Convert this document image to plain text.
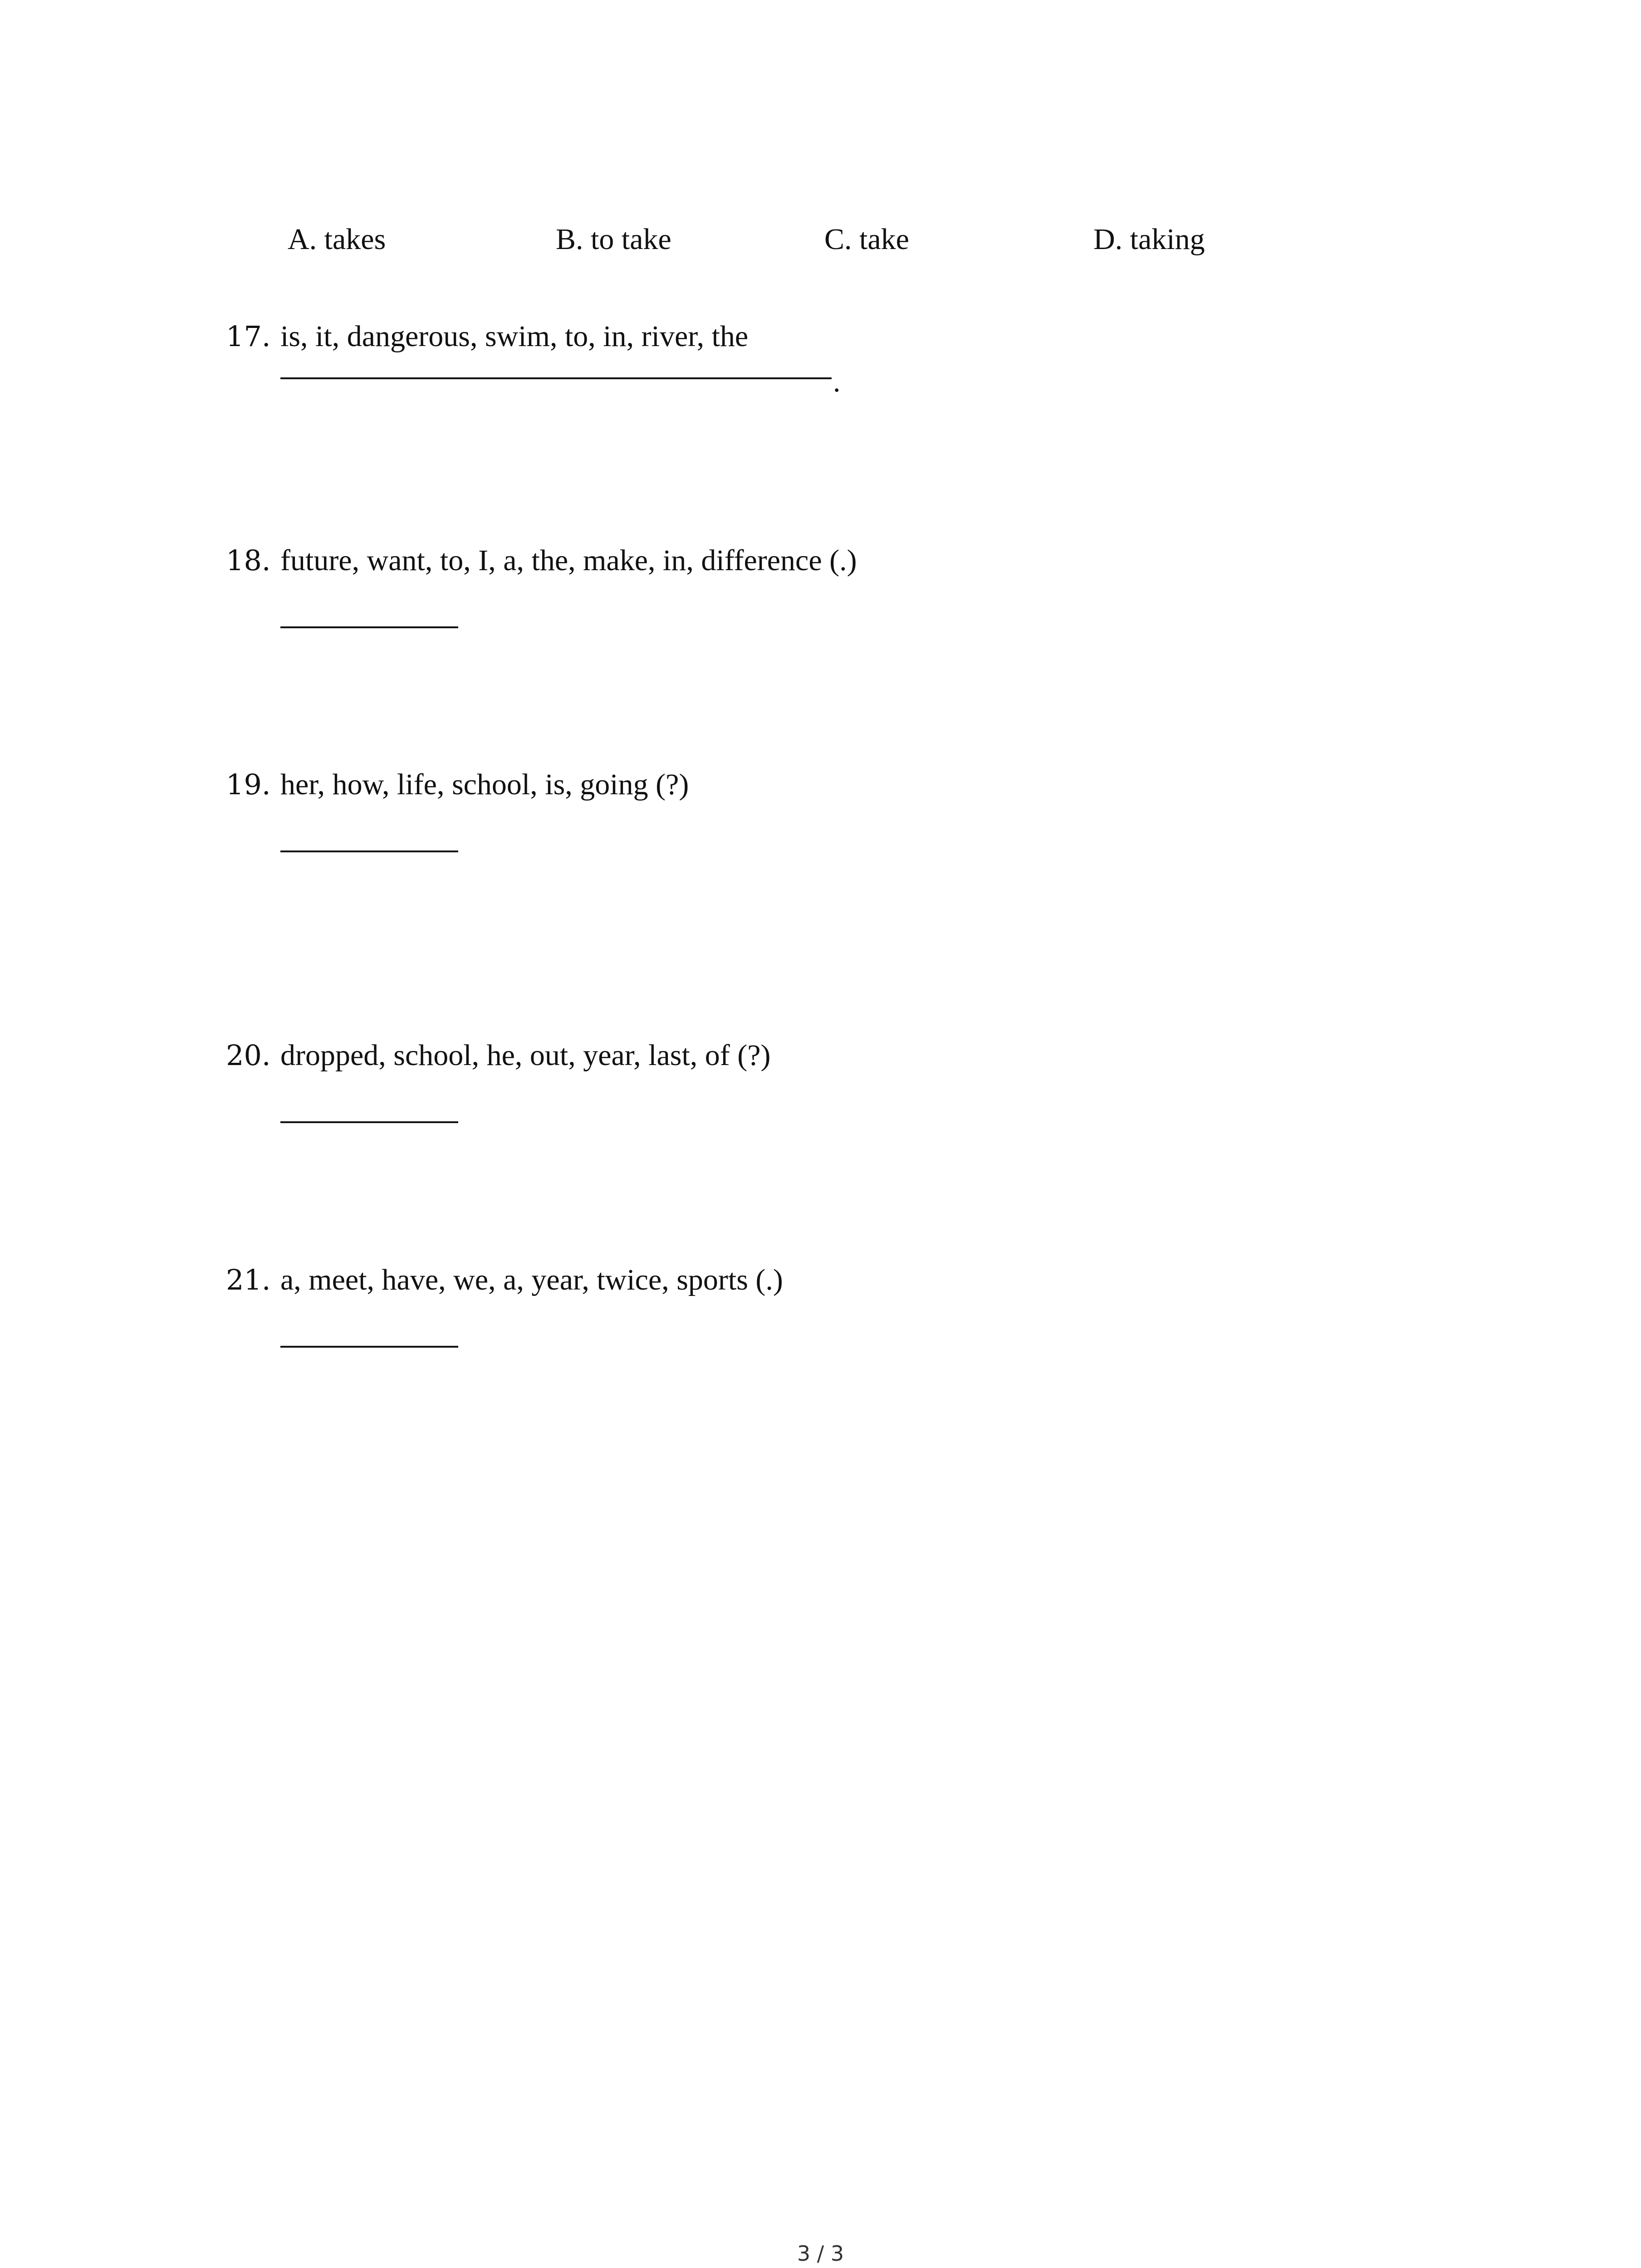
A. takes	B. to take	C. take	D. taking
17. is, it, dangerous, swim, to, in, river, the
.
18. future, want, to, I, a, the, make, in, difference (.)
19. her, how, life, school, is, going (?)
20. dropped, school, he, out, year, last, of (?)
21. a, meet, have, we, a, year, twice, sports (.)
3 / 3
